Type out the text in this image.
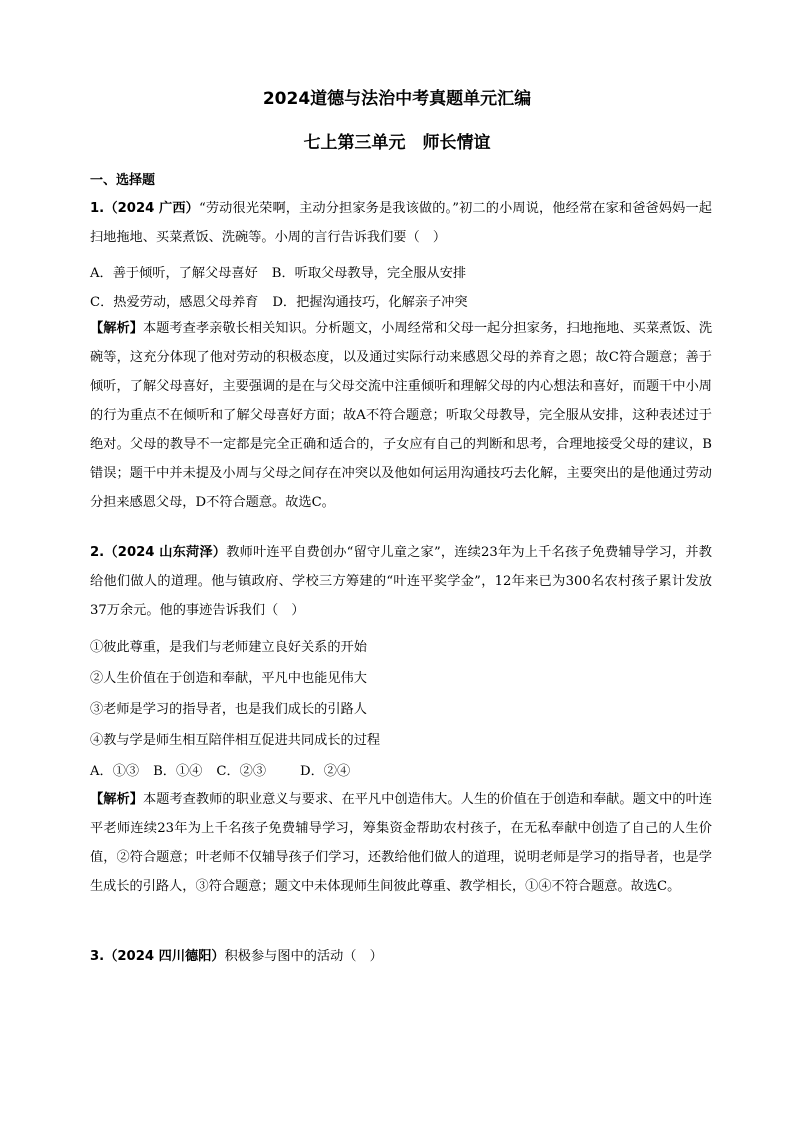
2024道德与法治中考真题单元汇编
七上第三单元　师长情谊
一、选择题
1.（2024 广西）“劳动很光荣啊，主动分担家务是我该做的。”初二的小周说，他经常在家和爸爸妈妈一起扫地拖地、买菜煮饭、洗碗等。小周的言行告诉我们要（　）
A．善于倾听，了解父母喜好 B．听取父母教导，完全服从安排
C．热爱劳动，感恩父母养育 D．把握沟通技巧，化解亲子冲突
【解析】本题考查孝亲敬长相关知识。分析题文，小周经常和父母一起分担家务，扫地拖地、买菜煮饭、洗碗等，这充分体现了他对劳动的积极态度，以及通过实际行动来感恩父母的养育之恩；故C符合题意；善于倾听，了解父母喜好，主要强调的是在与父母交流中注重倾听和理解父母的内心想法和喜好，而题干中小周的行为重点不在倾听和了解父母喜好方面；故A不符合题意；听取父母教导，完全服从安排，这种表述过于绝对。父母的教导不一定都是完全正确和适合的，子女应有自己的判断和思考，合理地接受父母的建议，B错误；题干中并未提及小周与父母之间存在冲突以及他如何运用沟通技巧去化解，主要突出的是他通过劳动分担来感恩父母，D不符合题意。故选C。
2.（2024 山东菏泽）教师叶连平自费创办“留守儿童之家”，连续23年为上千名孩子免费辅导学习，并教给他们做人的道理。他与镇政府、学校三方筹建的“叶连平奖学金”，12年来已为300名农村孩子累计发放37万余元。他的事迹告诉我们（　）
①彼此尊重，是我们与老师建立良好关系的开始
②人生价值在于创造和奉献，平凡中也能见伟大
③老师是学习的指导者，也是我们成长的引路人
④教与学是师生相互陪伴相互促进共同成长的过程
A．①③ B．①④ C．②③	D．②④
【解析】本题考查教师的职业意义与要求、在平凡中创造伟大。人生的价值在于创造和奉献。题文中的叶连平老师连续23年为上千名孩子免费辅导学习，筹集资金帮助农村孩子，在无私奉献中创造了自己的人生价值，②符合题意；叶老师不仅辅导孩子们学习，还教给他们做人的道理，说明老师是学习的指导者，也是学生成长的引路人，③符合题意；题文中未体现师生间彼此尊重、教学相长，①④不符合题意。故选C。
3.（2024 四川德阳）积极参与图中的活动（　）
